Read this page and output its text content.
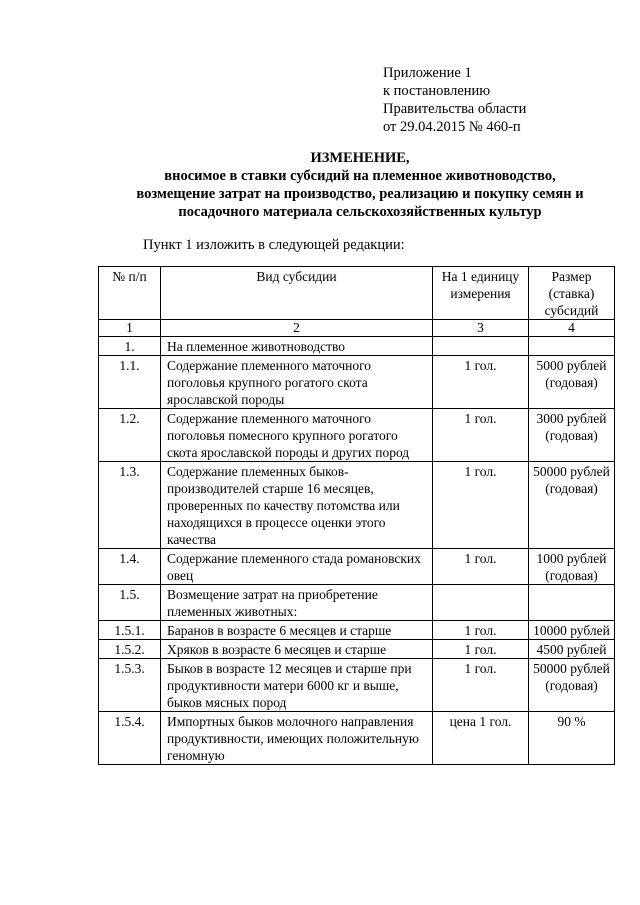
Приложение 1
к постановлению
Правительства области
от 29.04.2015 № 460-п
ИЗМЕНЕНИЕ,
вносимое в ставки субсидий на племенное животноводство,
возмещение затрат на производство, реализацию и покупку семян и
посадочного материала сельскохозяйственных культур
Пункт 1 изложить в следующей редакции:
№ п/п	Вид субсидии	На 1 единицу измерения	Размер (ставка) субсидий
1	2	3	4
1.	На племенное животноводство		
1.1.	Содержание племенного маточного поголовья крупного рогатого скота ярославской породы	1 гол.	5000 рублей (годовая)
1.2.	Содержание племенного маточного поголовья помесного крупного рогатого скота ярославской породы и других пород	1 гол.	3000 рублей (годовая)
1.3.	Содержание племенных быков-производителей старше 16 месяцев, проверенных по качеству потомства или находящихся в процессе оценки этого качества	1 гол.	50000 рублей (годовая)
1.4.	Содержание племенного стада романовских овец	1 гол.	1000 рублей (годовая)
1.5.	Возмещение затрат на приобретение племенных животных:		
1.5.1.	Баранов в возрасте 6 месяцев и старше	1 гол.	10000 рублей
1.5.2.	Хряков в возрасте 6 месяцев и старше	1 гол.	4500 рублей
1.5.3.	Быков в возрасте 12 месяцев и старше при продуктивности матери 6000 кг и выше, быков мясных пород	1 гол.	50000 рублей (годовая)
1.5.4.	Импортных быков молочного направления продуктивности, имеющих положительную геномную	цена 1 гол.	90 %
